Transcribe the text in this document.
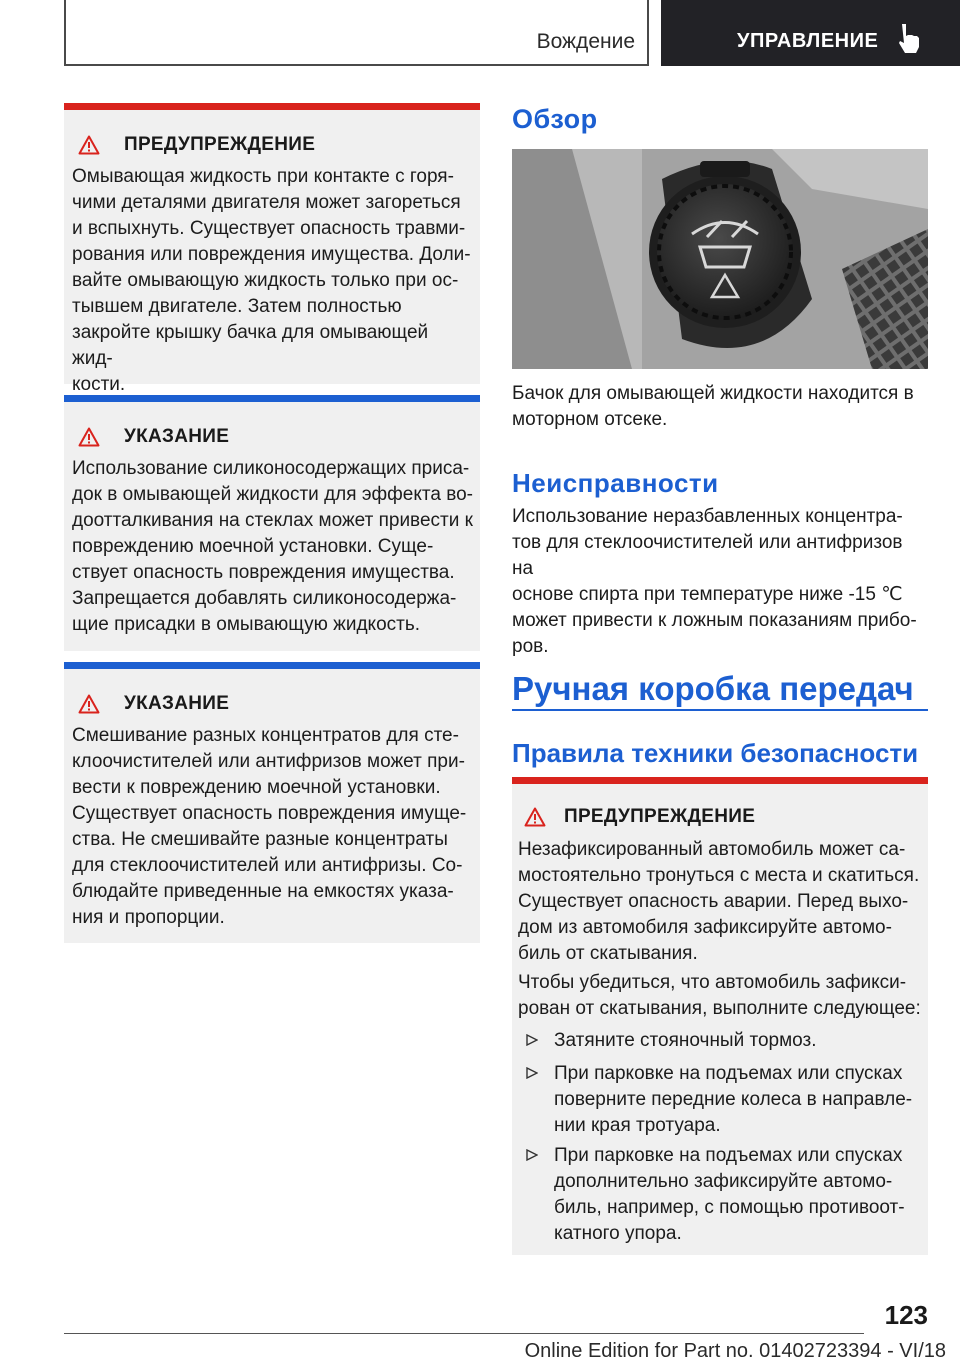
Вождение	УПРАВЛЕНИЕ
ПРЕДУПРЕЖДЕНИЕ
Омывающая жидкость при контакте с горя-
чими деталями двигателя может загореться
и вспыхнуть. Существует опасность травми-
рования или повреждения имущества. Доли-
вайте омывающую жидкость только при ос-
тывшем двигателе. Затем полностью
закройте крышку бачка для омывающей жид-
кости.
УКАЗАНИЕ
Использование силиконосодержащих приса-
док в омывающей жидкости для эффекта во-
доотталкивания на стеклах может привести к
повреждению моечной установки. Суще-
ствует опасность повреждения имущества.
Запрещается добавлять силиконосодержа-
щие присадки в омывающую жидкость.
УКАЗАНИЕ
Смешивание разных концентратов для сте-
клоочистителей или антифризов может при-
вести к повреждению моечной установки.
Существует опасность повреждения имуще-
ства. Не смешивайте разные концентраты
для стеклоочистителей или антифризы. Со-
блюдайте приведенные на емкостях указа-
ния и пропорции.
Обзор
Бачок для омывающей жидкости находится в
моторном отсеке.
Неисправности
Использование неразбавленных концентра-
тов для стеклоочистителей или антифризов на
основе спирта при температуре ниже -15 ℃
может привести к ложным показаниям прибо-
ров.
Ручная коробка передач
Правила техники безопасности
ПРЕДУПРЕЖДЕНИЕ
Незафиксированный автомобиль может са-
мостоятельно тронуться с места и скатиться.
Существует опасность аварии. Перед выхо-
дом из автомобиля зафиксируйте автомо-
биль от скатывания.
Чтобы убедиться, что автомобиль зафикси-
рован от скатывания, выполните следующее:
Затяните стояночный тормоз.
При парковке на подъемах или спусках
поверните передние колеса в направле-
нии края тротуара.
При парковке на подъемах или спусках
дополнительно зафиксируйте автомо-
биль, например, с помощью противоот-
катного упора.
123
Online Edition for Part no. 01402723394 - VI/18
